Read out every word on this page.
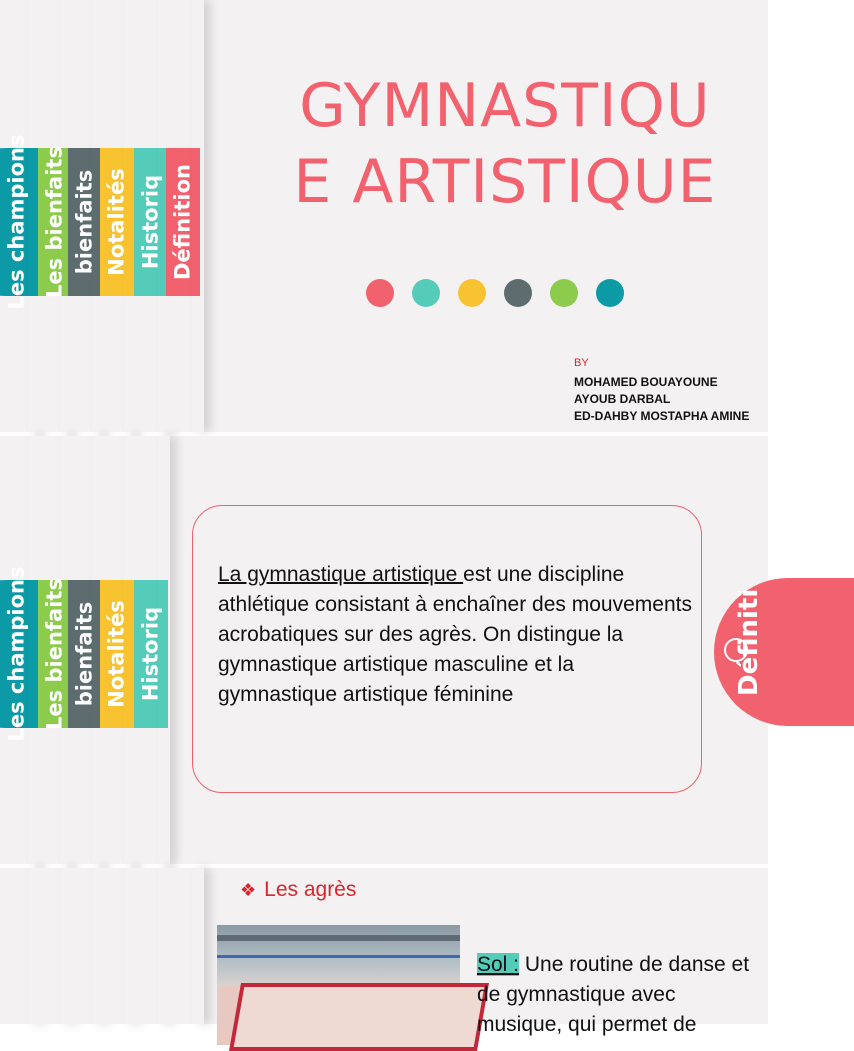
Les champions Les bienfaits bienfaits Notalités Historiq Définition
GYMNASTIQU E ARTISTIQUE
BY
MOHAMED BOUAYOUNE
AYOUB DARBAL
ED-DAHBY MOSTAPHA AMINE
Les champions Les bienfaits bienfaits Notalités Historiq
La gymnastique artistique est une discipline athlétique consistant à enchaîner des mouvements acrobatiques sur des agrès. On distingue la gymnastique artistique masculine et la gymnastique artistique féminine	Définiti
❖ Les agrès
Sol : Une routine de danse et de gymnastique avec musique, qui permet de
